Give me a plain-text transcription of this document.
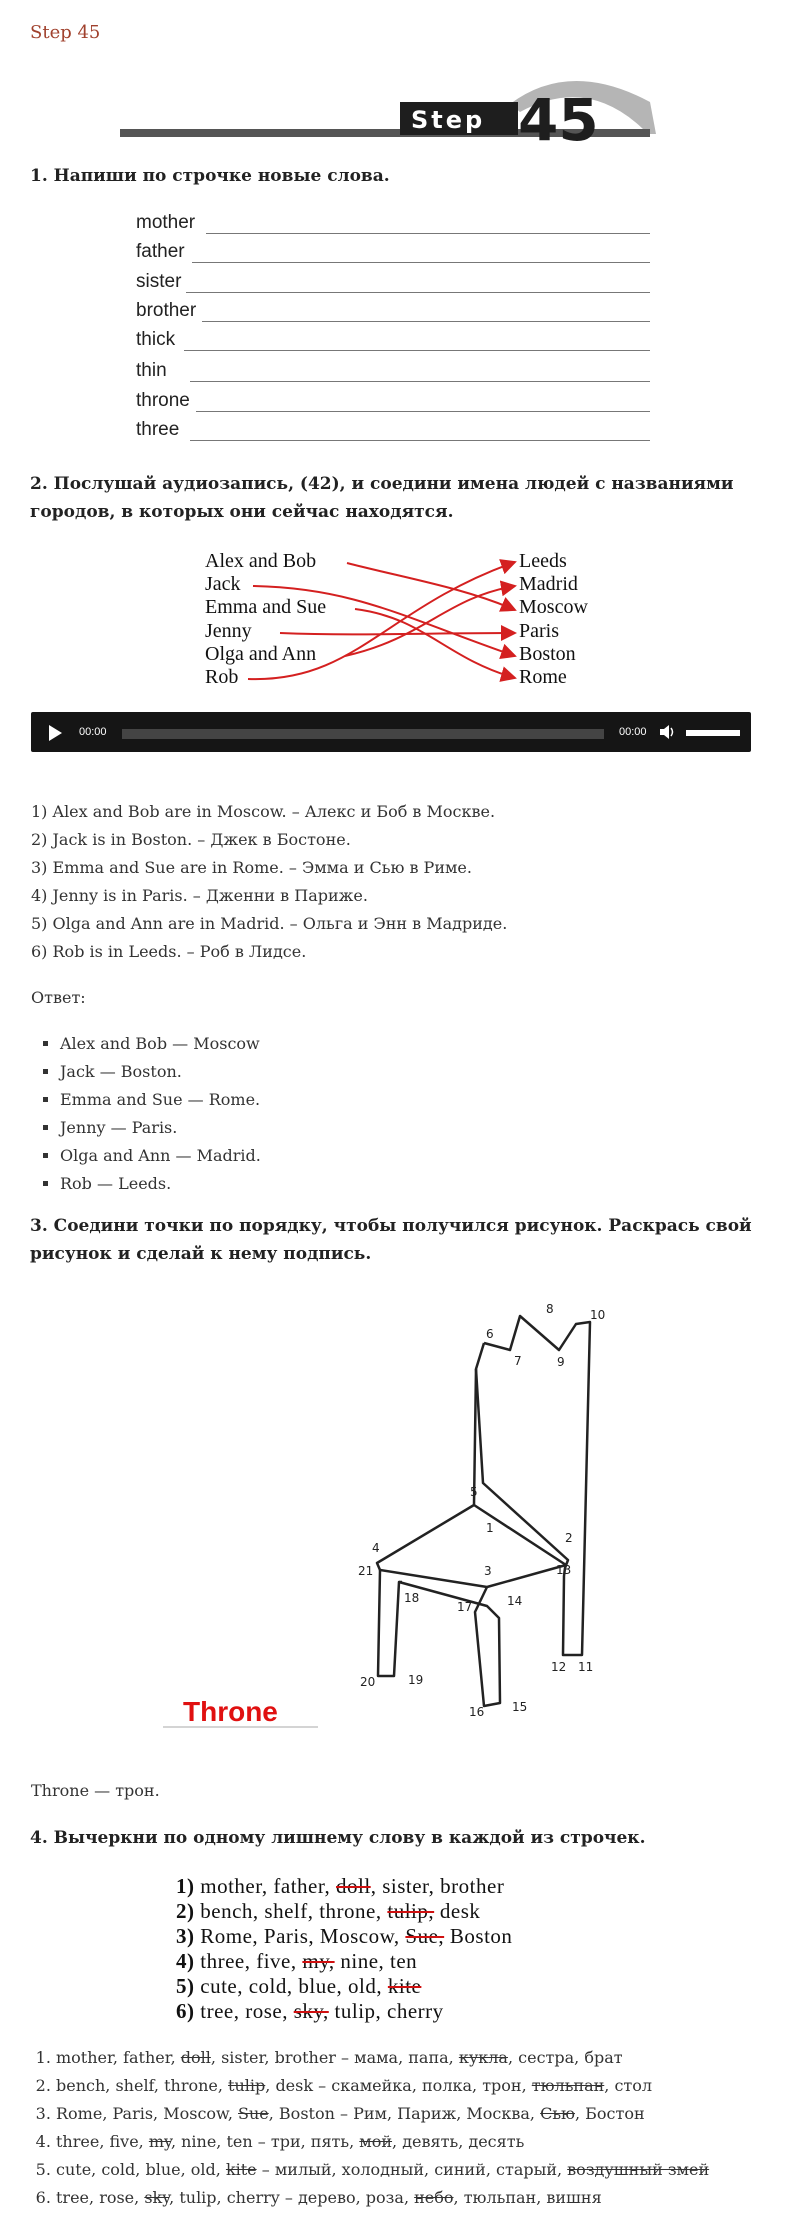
Step 45
Step 45
1. Напиши по строчке новые слова.
mother
father
sister
brother
thick
thin
throne
three
2. Послушай аудиозапись, (42), и соедини имена людей с названиями
городов, в которых они сейчас находятся.
Alex and Bob
Jack
Emma and Sue
Jenny
Olga and Ann
Rob
Leeds
Madrid
Moscow
Paris
Boston
Rome
00:00	00:00
1) Alex and Bob are in Moscow. – Алекс и Боб в Москве.
2) Jack is in Boston. – Джек в Бостоне.
3) Emma and Sue are in Rome. – Эмма и Сью в Риме.
4) Jenny is in Paris. – Дженни в Париже.
5) Olga and Ann are in Madrid. – Ольга и Энн в Мадриде.
6) Rob is in Leeds. – Роб в Лидсе.
Ответ:
▪ Alex and Bob — Moscow
▪ Jack — Boston.
▪ Emma and Sue — Rome.
▪ Jenny — Paris.
▪ Olga and Ann — Madrid.
▪ Rob — Leeds.
3. Соедини точки по порядку, чтобы получился рисунок. Раскрась свой
рисунок и сделай к нему подпись.
1
2
3
4
5
6
7
8
9
10
11
12
13
14
15
16
17
18
19
20
21
Throne
Throne — трон.
4. Вычеркни по одному лишнему слову в каждой из строчек.
1) mother, father, doll, sister, brother
2) bench, shelf, throne, tulip, desk
3) Rome, Paris, Moscow, Sue, Boston
4) three, five, my, nine, ten
5) cute, cold, blue, old, kite
6) tree, rose, sky, tulip, cherry
1. mother, father, doll, sister, brother – мама, папа, кукла, сестра, брат
2. bench, shelf, throne, tulip, desk – скамейка, полка, трон, тюльпан, стол
3. Rome, Paris, Moscow, Sue, Boston – Рим, Париж, Москва, Сью, Бостон
4. three, five, my, nine, ten – три, пять, мой, девять, десять
5. cute, cold, blue, old, kite – милый, холодный, синий, старый, воздушный змей
6. tree, rose, sky, tulip, cherry – дерево, роза, небо, тюльпан, вишня
